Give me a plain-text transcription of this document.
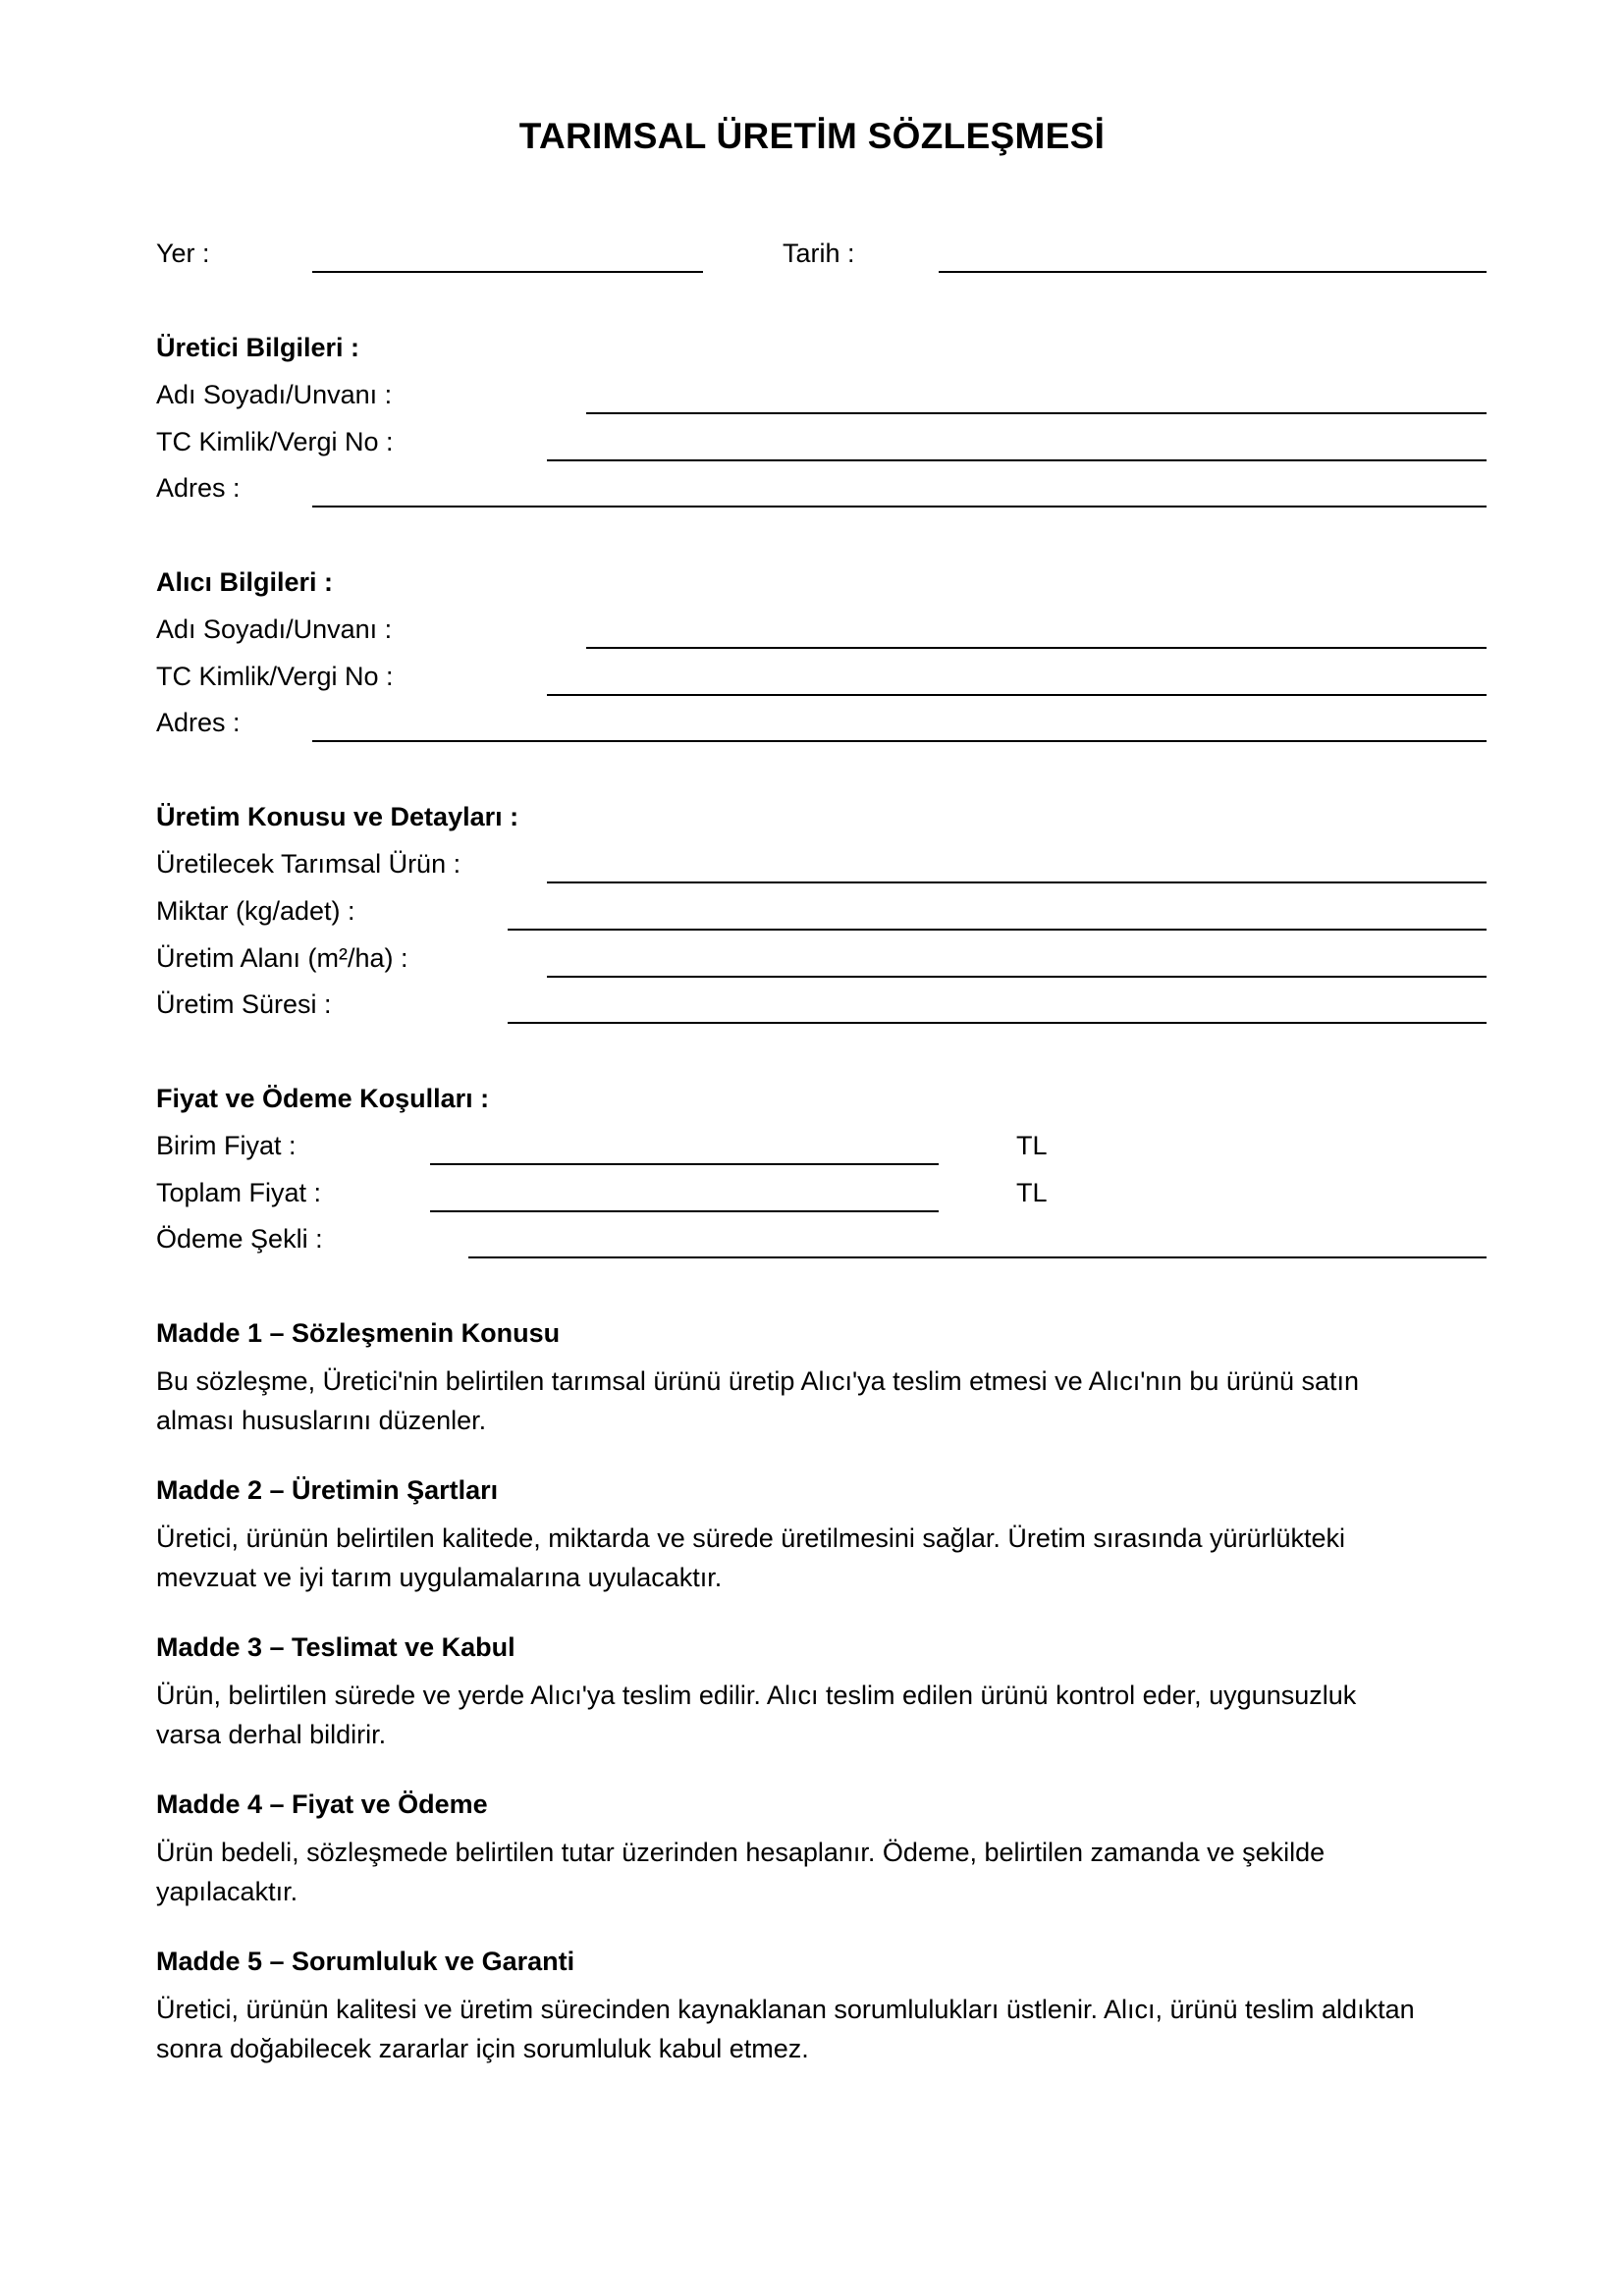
TARIMSAL ÜRETİM SÖZLEŞMESİ
Yer :	Tarih :
Üretici Bilgileri :
Adı Soyadı/Unvanı :
TC Kimlik/Vergi No :
Adres :
Alıcı Bilgileri :
Adı Soyadı/Unvanı :
TC Kimlik/Vergi No :
Adres :
Üretim Konusu ve Detayları :
Üretilecek Tarımsal Ürün :
Miktar (kg/adet) :
Üretim Alanı (m²/ha) :
Üretim Süresi :
Fiyat ve Ödeme Koşulları :
Birim Fiyat :	TL
Toplam Fiyat :	TL
Ödeme Şekli :
Madde 1 – Sözleşmenin Konusu
Bu sözleşme, Üretici'nin belirtilen tarımsal ürünü üretip Alıcı'ya teslim etmesi ve Alıcı'nın bu ürünü satın
alması hususlarını düzenler.
Madde 2 – Üretimin Şartları
Üretici, ürünün belirtilen kalitede, miktarda ve sürede üretilmesini sağlar. Üretim sırasında yürürlükteki
mevzuat ve iyi tarım uygulamalarına uyulacaktır.
Madde 3 – Teslimat ve Kabul
Ürün, belirtilen sürede ve yerde Alıcı'ya teslim edilir. Alıcı teslim edilen ürünü kontrol eder, uygunsuzluk
varsa derhal bildirir.
Madde 4 – Fiyat ve Ödeme
Ürün bedeli, sözleşmede belirtilen tutar üzerinden hesaplanır. Ödeme, belirtilen zamanda ve şekilde
yapılacaktır.
Madde 5 – Sorumluluk ve Garanti
Üretici, ürünün kalitesi ve üretim sürecinden kaynaklanan sorumlulukları üstlenir. Alıcı, ürünü teslim aldıktan
sonra doğabilecek zararlar için sorumluluk kabul etmez.
